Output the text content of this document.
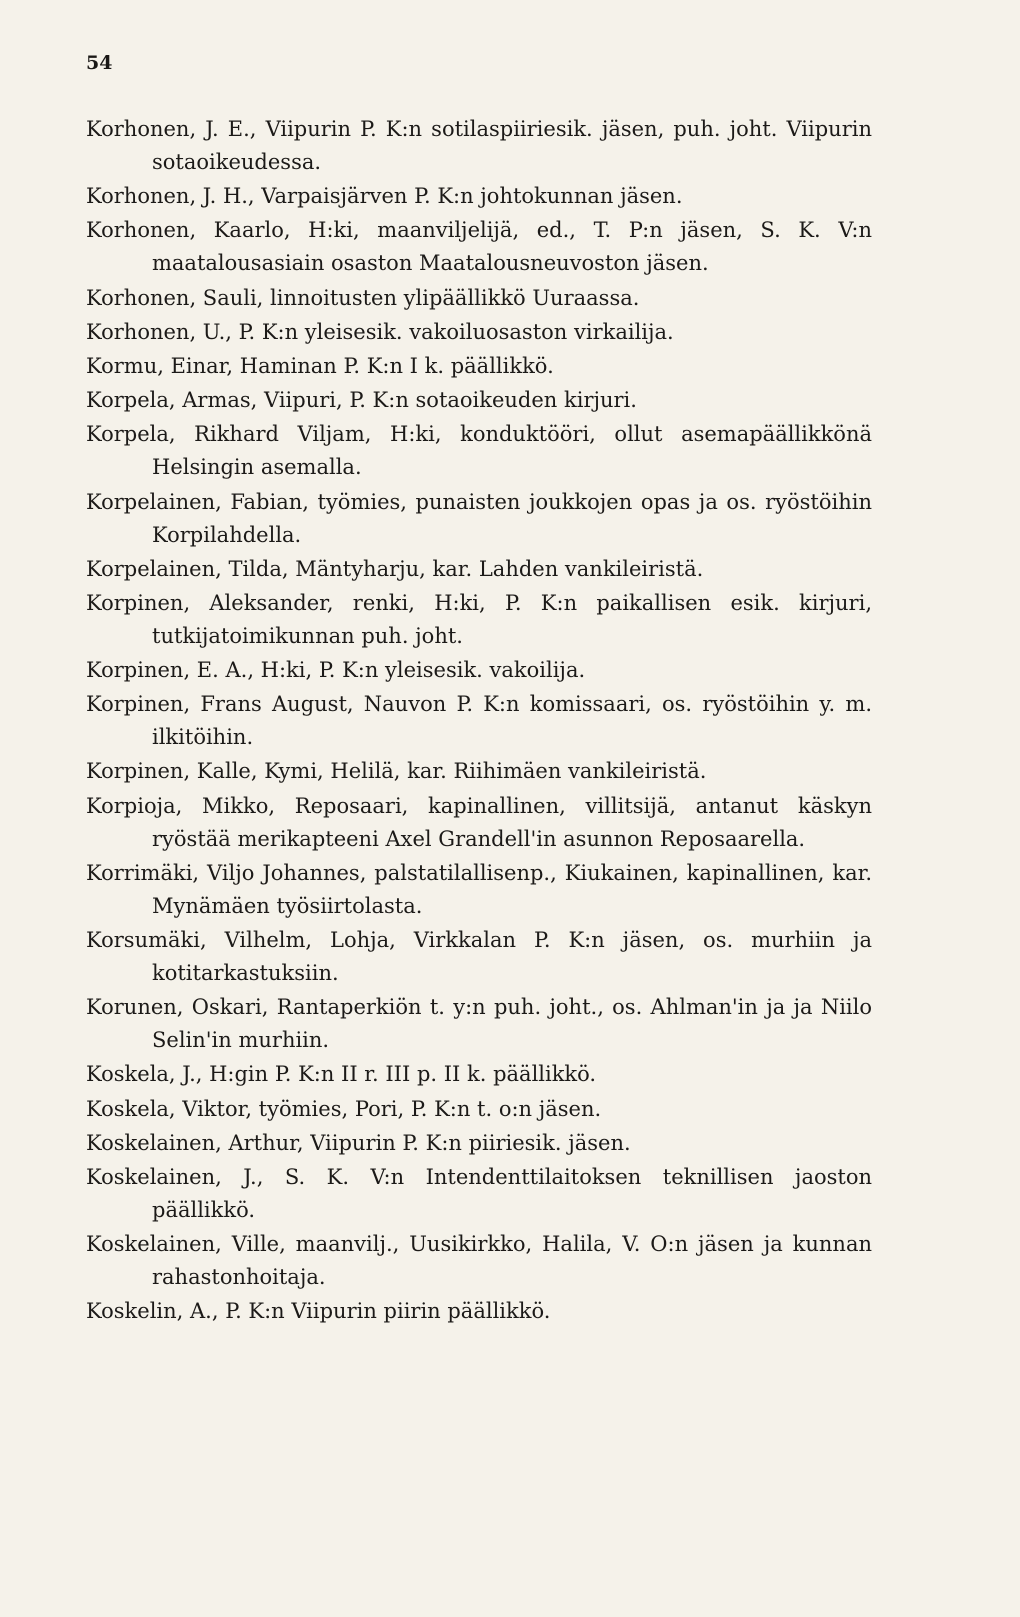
54

Korhonen, J. E., Viipurin P. K:n sotilaspiiriesik. jäsen, puh. joht. Viipurin sotaoikeudessa.

Korhonen, J. H., Varpaisjärven P. K:n johtokunnan jäsen.

Korhonen, Kaarlo, H:ki, maanviljelijä, ed., T. P:n jäsen, S. K. V:n maatalousasiain osaston Maatalousneuvoston jäsen.

Korhonen, Sauli, linnoitusten ylipäällikkö Uuraassa.

Korhonen, U., P. K:n yleisesik. vakoiluosaston virkailija.

Kormu, Einar, Haminan P. K:n I k. päällikkö.

Korpela, Armas, Viipuri, P. K:n sotaoikeuden kirjuri.

Korpela, Rikhard Viljam, H:ki, konduktööri, ollut asemapäällikkönä Helsingin asemalla.

Korpelainen, Fabian, työmies, punaisten joukkojen opas ja os. ryöstöihin Korpilahdella.

Korpelainen, Tilda, Mäntyharju, kar. Lahden vankileiristä.

Korpinen, Aleksander, renki, H:ki, P. K:n paikallisen esik. kirjuri, tutkijatoimikunnan puh. joht.

Korpinen, E. A., H:ki, P. K:n yleisesik. vakoilija.

Korpinen, Frans August, Nauvon P. K:n komissaari, os. ryöstöihin y. m. ilkitöihin.

Korpinen, Kalle, Kymi, Helilä, kar. Riihimäen vankileiristä.

Korpioja, Mikko, Reposaari, kapinallinen, villitsijä, antanut käskyn ryöstää merikapteeni Axel Grandell'in asunnon Reposaarella.

Korrimäki, Viljo Johannes, palstatilallisenp., Kiukainen, kapinallinen, kar. Mynämäen työsiirtolasta.

Korsumäki, Vilhelm, Lohja, Virkkalan P. K:n jäsen, os. murhiin ja kotitarkastuksiin.

Korunen, Oskari, Rantaperkiön t. y:n puh. joht., os. Ahlman'in ja ja Niilo Selin'in murhiin.

Koskela, J., H:gin P. K:n II r. III p. II k. päällikkö.

Koskela, Viktor, työmies, Pori, P. K:n t. o:n jäsen.

Koskelainen, Arthur, Viipurin P. K:n piiriesik. jäsen.

Koskelainen, J., S. K. V:n Intendenttilaitoksen teknillisen jaoston päällikkö.

Koskelainen, Ville, maanvilj., Uusikirkko, Halila, V. O:n jäsen ja kunnan rahastonhoitaja.

Koskelin, A., P. K:n Viipurin piirin päällikkö.
